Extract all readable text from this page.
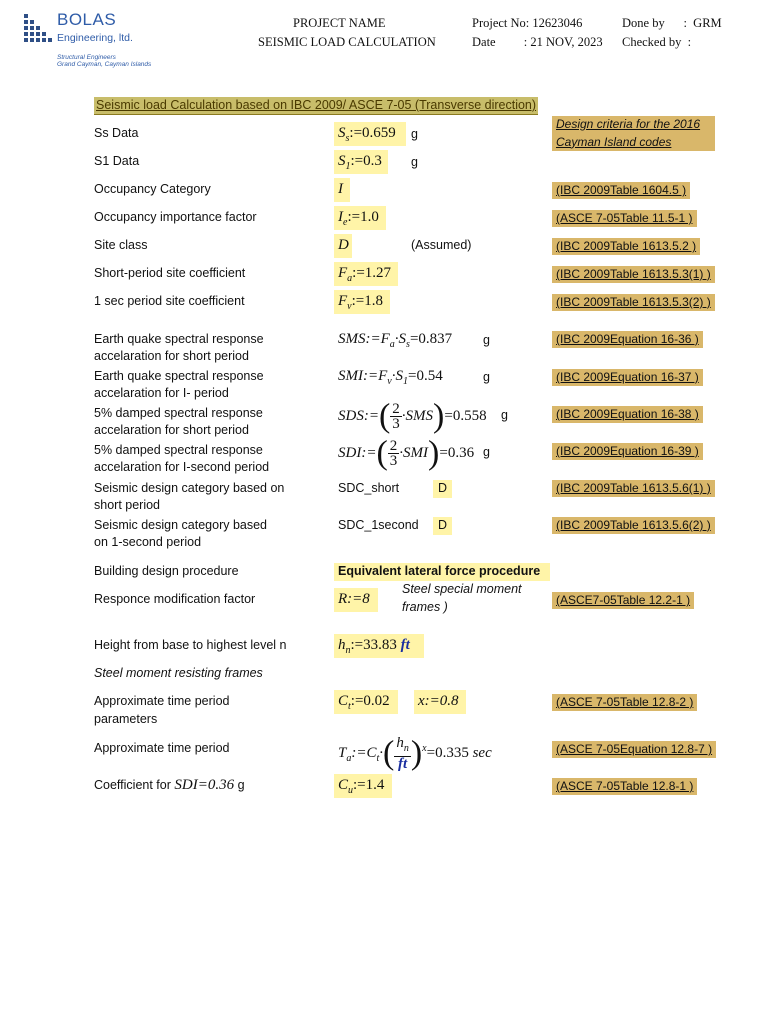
BOLAS
Engineering, ltd.
Structural Engineers
Grand Cayman, Cayman Islands
PROJECT NAME
SEISMIC LOAD CALCULATION
Project No: 12623046
Date         : 21 NOV, 2023
Done by      :  GRM
Checked by  :
Seismic load Calculation based on IBC 2009/ ASCE 7-05 (Transverse direction)
Design criteria for the 2016 Cayman Island codes
Ss Data	$S_s:=0.659$ g
S1 Data	$S_1:=0.3$ g
Occupancy Category	I	(IBC 2009Table 1604.5 )
Occupancy importance factor	$I_e:=1.0$	(ASCE 7-05Table 11.5-1 )
Site class	D	(Assumed)	(IBC 2009Table 1613.5.2 )
Short-period site coefficient	$F_a:=1.27$	(IBC 2009Table 1613.5.3(1) )
1 sec period site coefficient	$F_v:=1.8$	(IBC 2009Table 1613.5.3(2) )
Earth quake spectral response
accelaration for short period
$SMS:=F_a\cdot S_s=0.837$ g	(IBC 2009Equation 16-36 )
Earth quake spectral response
accelaration for I- period
$SMI:=F_v\cdot S_1=0.54$	g	(IBC 2009Equation 16-37 )
5% damped spectral response
accelaration for short period
SDS:=( $\frac{2}{3} \cdot SMS)=0.558$ g	(IBC 2009Equation 16-38 )
5% damped spectral response
accelaration for I-second period
SDI:=( $\frac{2}{3} \cdot SMI)=0.36$ g	(IBC 2009Equation 16-39 )
Seismic design category based on
short period
SDC_short	D	(IBC 2009Table 1613.5.6(1) )
Seismic design category based
on 1-second period
SDC_1second	D	(IBC 2009Table 1613.5.6(2) )
Building design procedure	Equivalent lateral force procedure
Responce modification factor	R:=8
Steel special moment
frames )	(ASCE7-05Table 12.2-1 )
Height from base to highest level n	$h_n:=33.83$ ft
Steel moment resisting frames
Approximate time period
parameters
$C_t:=0.02$ x:=0.8	(ASCE 7-05Table 12.8-2 )
Approximate time period	$T_a:=C_t\cdot( \frac{h_n}{ft} )^x=0.335$ sec	(ASCE 7-05Equation 12.8-7 )
Coefficient for SDI=0.36 g	$C_u:=1.4$	(ASCE 7-05Table 12.8-1 )
